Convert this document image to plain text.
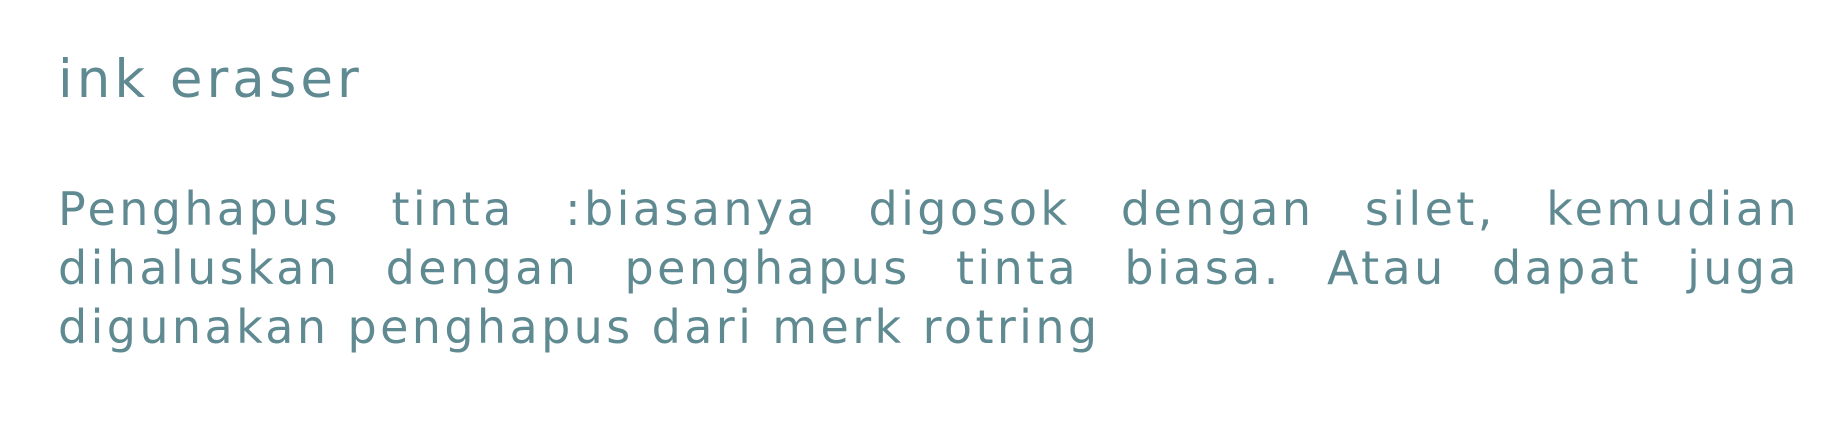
ink eraser

Penghapus tinta :biasanya digosok dengan silet, kemudian dihaluskan dengan penghapus tinta biasa. Atau dapat juga digunakan penghapus dari merk rotring
